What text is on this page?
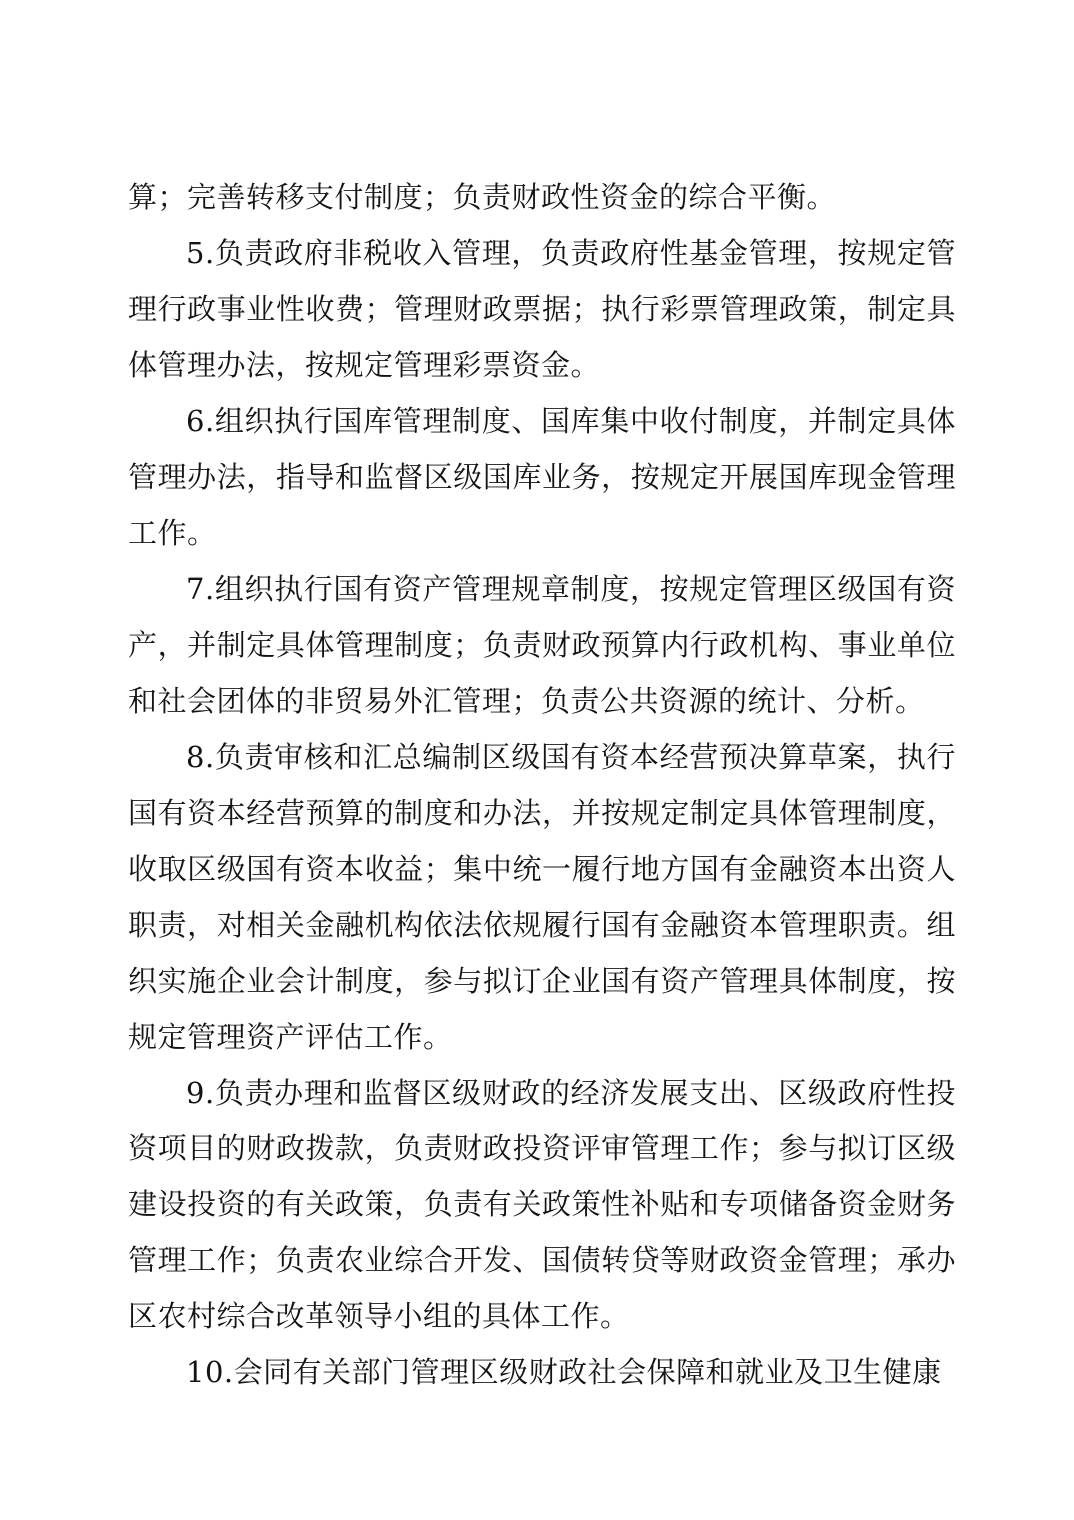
算；完善转移支付制度；负责财政性资金的综合平衡。

5.负责政府非税收入管理，负责政府性基金管理，按规定管理行政事业性收费；管理财政票据；执行彩票管理政策，制定具体管理办法，按规定管理彩票资金。

6.组织执行国库管理制度、国库集中收付制度，并制定具体管理办法，指导和监督区级国库业务，按规定开展国库现金管理工作。

7.组织执行国有资产管理规章制度，按规定管理区级国有资产，并制定具体管理制度；负责财政预算内行政机构、事业单位和社会团体的非贸易外汇管理；负责公共资源的统计、分析。

8.负责审核和汇总编制区级国有资本经营预决算草案，执行国有资本经营预算的制度和办法，并按规定制定具体管理制度，收取区级国有资本收益；集中统一履行地方国有金融资本出资人职责，对相关金融机构依法依规履行国有金融资本管理职责。组织实施企业会计制度，参与拟订企业国有资产管理具体制度，按规定管理资产评估工作。

9.负责办理和监督区级财政的经济发展支出、区级政府性投资项目的财政拨款，负责财政投资评审管理工作；参与拟订区级建设投资的有关政策，负责有关政策性补贴和专项储备资金财务管理工作；负责农业综合开发、国债转贷等财政资金管理；承办区农村综合改革领导小组的具体工作。

10.会同有关部门管理区级财政社会保障和就业及卫生健康
